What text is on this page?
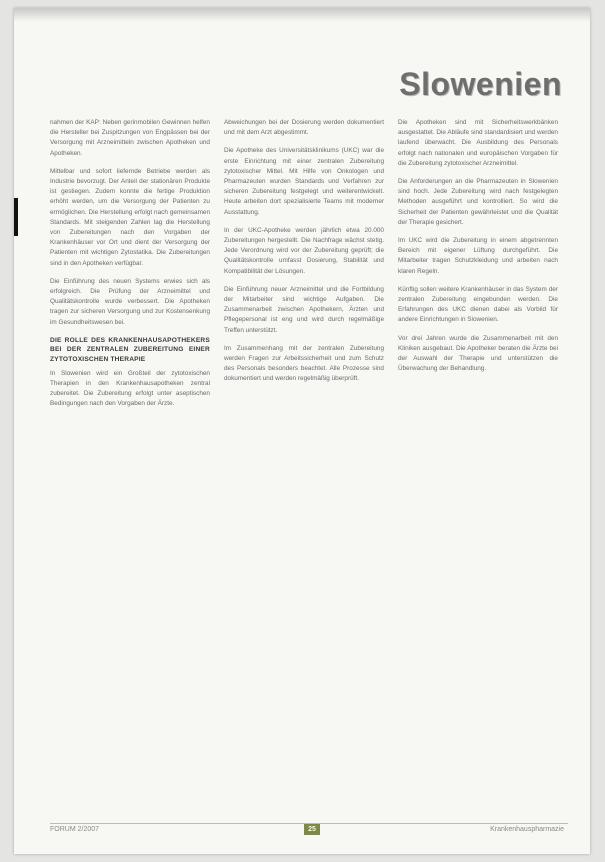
Slowenien

nahmen der KAP: Neben gerinmobilen Gewinnen helfen die Hersteller bei Zuspitzungen von Engpässen bei der Versorgung mit Arzneimitteln zwischen Apotheken und Apotheken.

Mittelbar und sofort liefernde Betriebe werden als Industrie bevorzugt. Der Anteil der stationären Produkte ist gestiegen. Zudem konnte die fertige Produktion erhöht werden, um die Versorgung der Patienten zu ermöglichen. Die Herstellung erfolgt nach gemeinsamen Standards. Mit steigenden Zahlen lag die Herstellung von Zubereitungen nach den Vorgaben der Krankenhäuser vor Ort und dient der Versorgung der Patienten mit wichtigen Zytostatika. Die Zubereitungen sind in den Apotheken verfügbar.

Die Einführung des neuen Systems erwies sich als erfolgreich. Die Prüfung der Arzneimittel und Qualitätskontrolle wurde verbessert. Die Apotheken tragen zur sicheren Versorgung und zur Kostensenkung im Gesundheitswesen bei.

DIE ROLLE DES KRANKENHAUSAPOTHEKERS BEI DER ZENTRALEN ZUBEREITUNG EINER ZYTOTOXISCHEN THERAPIE

In Slowenien wird ein Großteil der zytotoxischen Therapien in den Krankenhausapotheken zentral zubereitet. Die Zubereitung erfolgt unter aseptischen Bedingungen nach den Vorgaben der Ärzte.

Abweichungen bei der Dosierung werden dokumentiert und mit dem Arzt abgestimmt.

Die Apotheke des Universitätsklinikums (UKC) war die erste Einrichtung mit einer zentralen Zubereitung zytotoxischer Mittel. Mit Hilfe von Onkologen und Pharmazeuten wurden Standards und Verfahren zur sicheren Zubereitung festgelegt und weiterentwickelt. Heute arbeiten dort spezialisierte Teams mit moderner Ausstattung.

In der UKC-Apotheke werden jährlich etwa 20.000 Zubereitungen hergestellt. Die Nachfrage wächst stetig. Jede Verordnung wird vor der Zubereitung geprüft; die Qualitätskontrolle umfasst Dosierung, Stabilität und Kompatibilität der Lösungen.

Die Einführung neuer Arzneimittel und die Fortbildung der Mitarbeiter sind wichtige Aufgaben. Die Zusammenarbeit zwischen Apothekern, Ärzten und Pflegepersonal ist eng und wird durch regelmäßige Treffen unterstützt.

Im Zusammenhang mit der zentralen Zubereitung werden Fragen zur Arbeitssicherheit und zum Schutz des Personals besonders beachtet. Alle Prozesse sind dokumentiert und werden regelmäßig überprüft.

Die Apotheken sind mit Sicherheitswerkbänken ausgestattet. Die Abläufe sind standardisiert und werden laufend überwacht. Die Ausbildung des Personals erfolgt nach nationalen und europäischen Vorgaben für die Zubereitung zytotoxischer Arzneimittel.

Die Anforderungen an die Pharmazeuten in Slowenien sind hoch. Jede Zubereitung wird nach festgelegten Methoden ausgeführt und kontrolliert. So wird die Sicherheit der Patienten gewährleistet und die Qualität der Therapie gesichert.

Im UKC wird die Zubereitung in einem abgetrennten Bereich mit eigener Lüftung durchgeführt. Die Mitarbeiter tragen Schutzkleidung und arbeiten nach klaren Regeln.

Künftig sollen weitere Krankenhäuser in das System der zentralen Zubereitung eingebunden werden. Die Erfahrungen des UKC dienen dabei als Vorbild für andere Einrichtungen in Slowenien.

Vor drei Jahren wurde die Zusammenarbeit mit den Kliniken ausgebaut. Die Apotheker beraten die Ärzte bei der Auswahl der Therapie und unterstützen die Überwachung der Behandlung.

FORUM 2/2007	25	Krankenhauspharmazie
